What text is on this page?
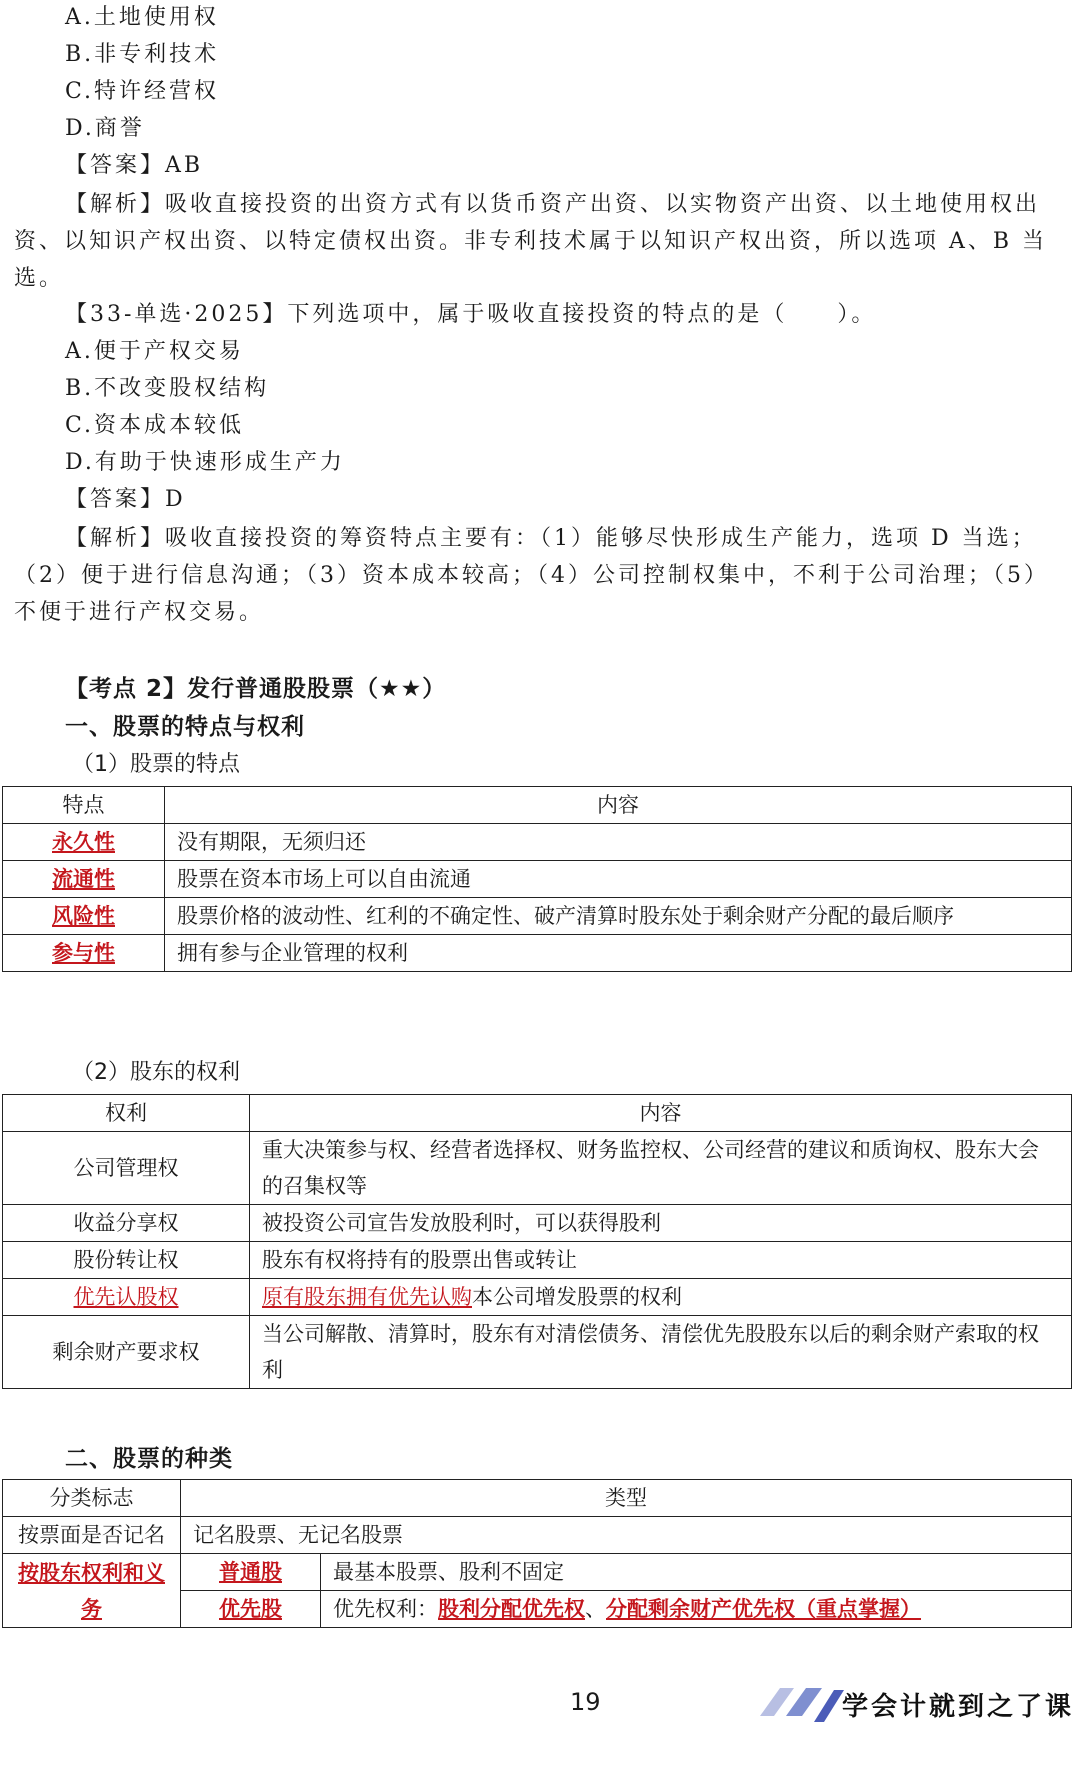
A.土地使用权
B.非专利技术
C.特许经营权
D.商誉
【答案】AB
【解析】吸收直接投资的出资方式有以货币资产出资、以实物资产出资、以土地使用权出资、以知识产权出资、以特定债权出资。非专利技术属于以知识产权出资，所以选项 A、B 当选。
【33-单选·2025】下列选项中，属于吸收直接投资的特点的是（　　）。
A.便于产权交易
B.不改变股权结构
C.资本成本较低
D.有助于快速形成生产力
【答案】D
【解析】吸收直接投资的筹资特点主要有：（1）能够尽快形成生产能力，选项 D 当选；（2）便于进行信息沟通；（3）资本成本较高；（4）公司控制权集中，不利于公司治理；（5）不便于进行产权交易。
【考点 2】发行普通股股票（★★）
一、股票的特点与权利
（1）股票的特点
特点	内容
永久性	没有期限，无须归还
流通性	股票在资本市场上可以自由流通
风险性	股票价格的波动性、红利的不确定性、破产清算时股东处于剩余财产分配的最后顺序
参与性	拥有参与企业管理的权利
（2）股东的权利
权利	内容
公司管理权	重大决策参与权、经营者选择权、财务监控权、公司经营的建议和质询权、股东大会的召集权等
收益分享权	被投资公司宣告发放股利时，可以获得股利
股份转让权	股东有权将持有的股票出售或转让
优先认股权	原有股东拥有优先认购本公司增发股票的权利
剩余财产要求权	当公司解散、清算时，股东有对清偿债务、清偿优先股股东以后的剩余财产索取的权利
二、股票的种类
分类标志	类型	
按票面是否记名	记名股票、无记名股票	
按股东权利和义务	普通股	最基本股票、股利不固定
	优先股	优先权利：股利分配优先权、分配剩余财产优先权（重点掌握）
19	学会计就到之了课
